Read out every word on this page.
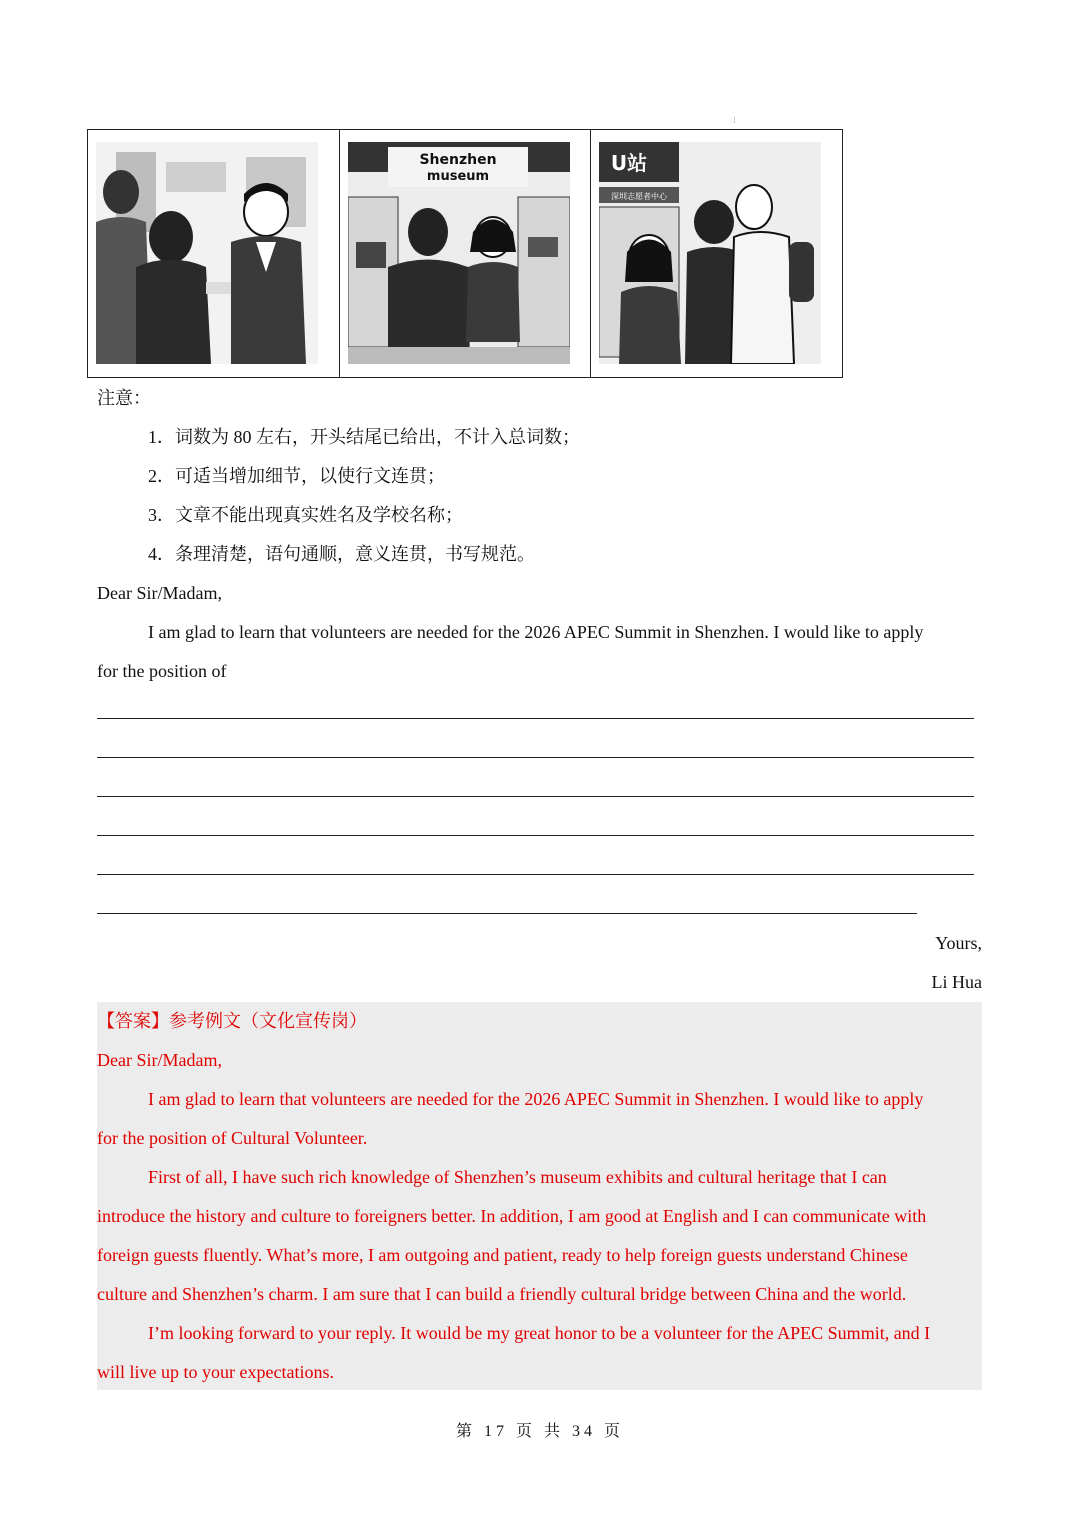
⁝
Shenzhen
museum
U站
深圳志愿者中心
注意：
1．词数为 80 左右，开头结尾已给出，不计入总词数；
2．可适当增加细节，以使行文连贯；
3．文章不能出现真实姓名及学校名称；
4．条理清楚，语句通顺，意义连贯，书写规范。
Dear Sir/Madam,
I am glad to learn that volunteers are needed for the 2026 APEC Summit in Shenzhen. I would like to apply
for the position of
Yours,
Li Hua
【答案】参考例文（文化宣传岗）
Dear Sir/Madam,
I am glad to learn that volunteers are needed for the 2026 APEC Summit in Shenzhen. I would like to apply
for the position of Cultural Volunteer.
First of all, I have such rich knowledge of Shenzhen’s museum exhibits and cultural heritage that I can
introduce the history and culture to foreigners better. In addition, I am good at English and I can communicate with
foreign guests fluently. What’s more, I am outgoing and patient, ready to help foreign guests understand Chinese
culture and Shenzhen’s charm. I am sure that I can build a friendly cultural bridge between China and the world.
I’m looking forward to your reply. It would be my great honor to be a volunteer for the APEC Summit, and I
will live up to your expectations.
第 17 页 共 34 页
